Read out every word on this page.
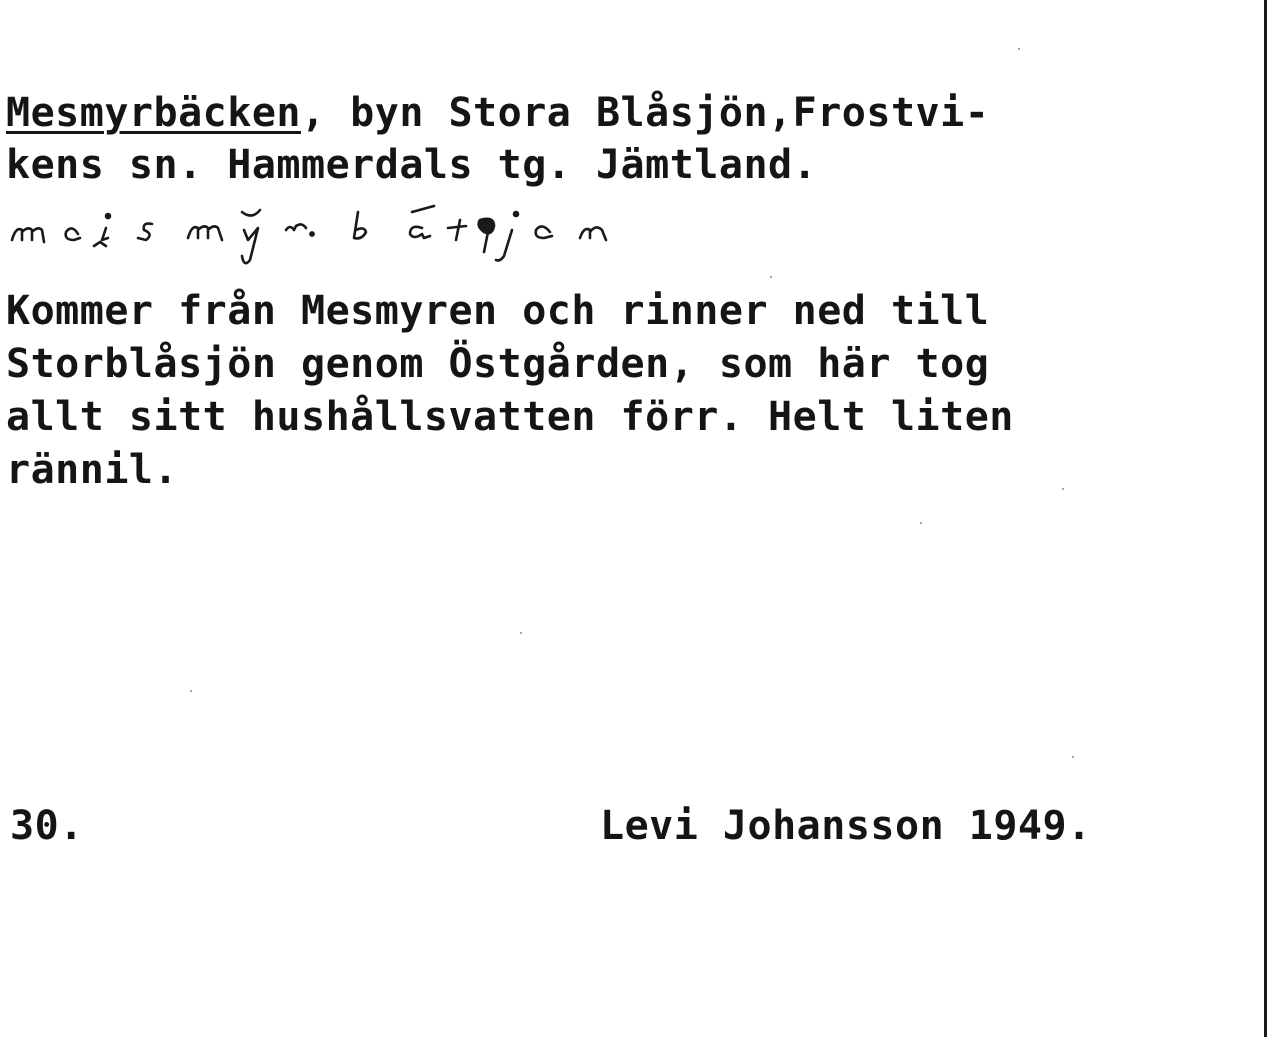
Mesmyrbäcken, byn Stora Blåsjön,Frostvi-
kens sn. Hammerdals tg. Jämtland.
Kommer från Mesmyren och rinner ned till
Storblåsjön genom Östgården, som här tog
allt sitt hushållsvatten förr. Helt liten
rännil.
30.	Levi Johansson 1949.
